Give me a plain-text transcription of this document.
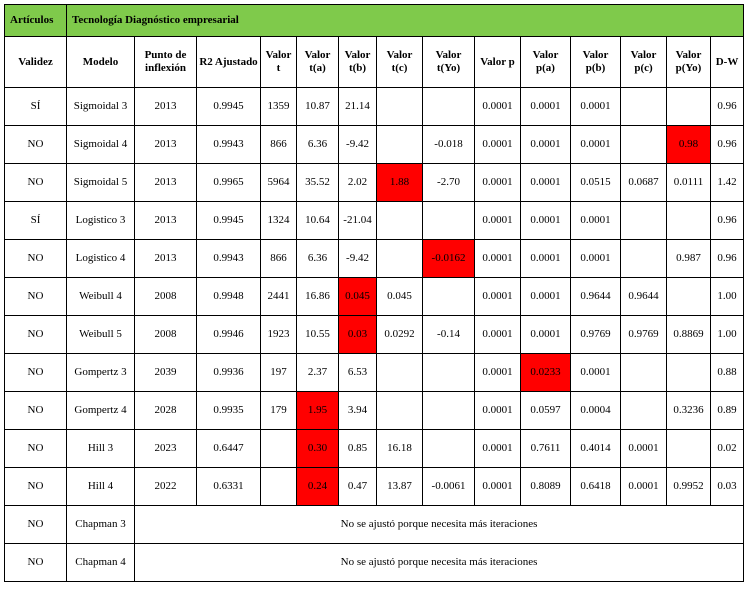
Artículos	Tecnología Diagnóstico empresarial													
Validez	Modelo	Punto de inflexión	R2 Ajustado	Valor t	Valor t(a)	Valor t(b)	Valor t(c)	Valor t(Yo)	Valor p	Valor p(a)	Valor p(b)	Valor p(c)	Valor p(Yo)	D-W
SÍ	Sigmoidal 3	2013	0.9945	1359	10.87	21.14			0.0001	0.0001	0.0001			0.96
NO	Sigmoidal 4	2013	0.9943	866	6.36	-9.42		-0.018	0.0001	0.0001	0.0001		0.98	0.96
NO	Sigmoidal 5	2013	0.9965	5964	35.52	2.02	1.88	-2.70	0.0001	0.0001	0.0515	0.0687	0.0111	1.42
SÍ	Logistico 3	2013	0.9945	1324	10.64	-21.04			0.0001	0.0001	0.0001			0.96
NO	Logistico 4	2013	0.9943	866	6.36	-9.42		-0.0162	0.0001	0.0001	0.0001		0.987	0.96
NO	Weibull 4	2008	0.9948	2441	16.86	0.045	0.045		0.0001	0.0001	0.9644	0.9644		1.00
NO	Weibull 5	2008	0.9946	1923	10.55	0.03	0.0292	-0.14	0.0001	0.0001	0.9769	0.9769	0.8869	1.00
NO	Gompertz 3	2039	0.9936	197	2.37	6.53			0.0001	0.0233	0.0001			0.88
NO	Gompertz 4	2028	0.9935	179	1.95	3.94			0.0001	0.0597	0.0004		0.3236	0.89
NO	Hill 3	2023	0.6447		0.30	0.85	16.18		0.0001	0.7611	0.4014	0.0001		0.02
NO	Hill 4	2022	0.6331		0.24	0.47	13.87	-0.0061	0.0001	0.8089	0.6418	0.0001	0.9952	0.03
NO	Chapman 3	No se ajustó porque necesita más iteraciones												
NO	Chapman 4	No se ajustó porque necesita más iteraciones												
